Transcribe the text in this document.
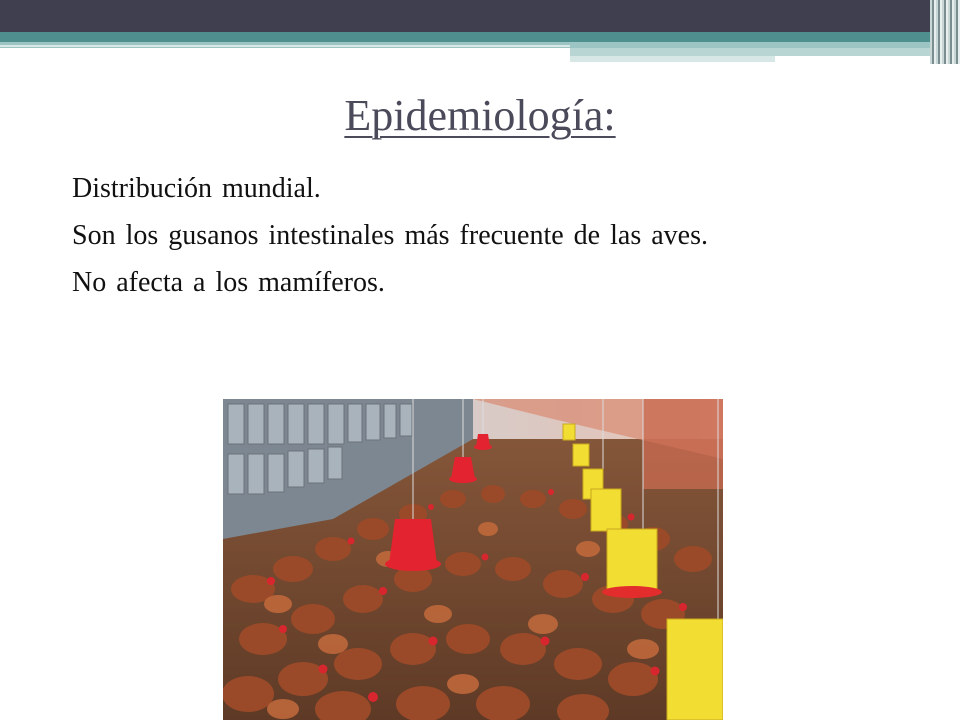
Epidemiología:
Distribución mundial.
Son los gusanos intestinales más frecuente de las aves.
No afecta a los mamíferos.
